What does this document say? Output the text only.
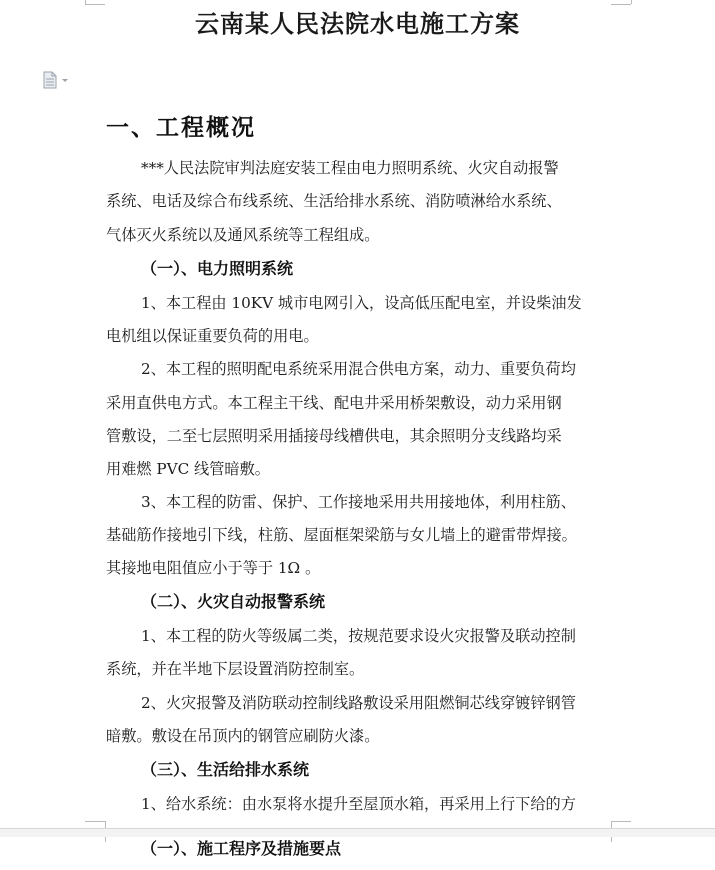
云南某人民法院水电施工方案
一、工程概况
***人民法院审判法庭安装工程由电力照明系统、火灾自动报警
系统、电话及综合布线系统、生活给排水系统、消防喷淋给水系统、
气体灭火系统以及通风系统等工程组成。
（一）、电力照明系统
1、本工程由 10KV 城市电网引入，设高低压配电室，并设柴油发
电机组以保证重要负荷的用电。
2、本工程的照明配电系统采用混合供电方案，动力、重要负荷均
采用直供电方式。本工程主干线、配电井采用桥架敷设，动力采用钢
管敷设，二至七层照明采用插接母线槽供电，其余照明分支线路均采
用难燃 PVC 线管暗敷。
3、本工程的防雷、保护、工作接地采用共用接地体，利用柱筋、
基础筋作接地引下线，柱筋、屋面框架梁筋与女儿墙上的避雷带焊接。
其接地电阻值应小于等于 1Ω 。
（二）、火灾自动报警系统
1、本工程的防火等级属二类，按规范要求设火灾报警及联动控制
系统，并在半地下层设置消防控制室。
2、火灾报警及消防联动控制线路敷设采用阻燃铜芯线穿镀锌钢管
暗敷。敷设在吊顶内的钢管应刷防火漆。
（三）、生活给排水系统
1、给水系统：由水泵将水提升至屋顶水箱，再采用上行下给的方
（一）、施工程序及措施要点
